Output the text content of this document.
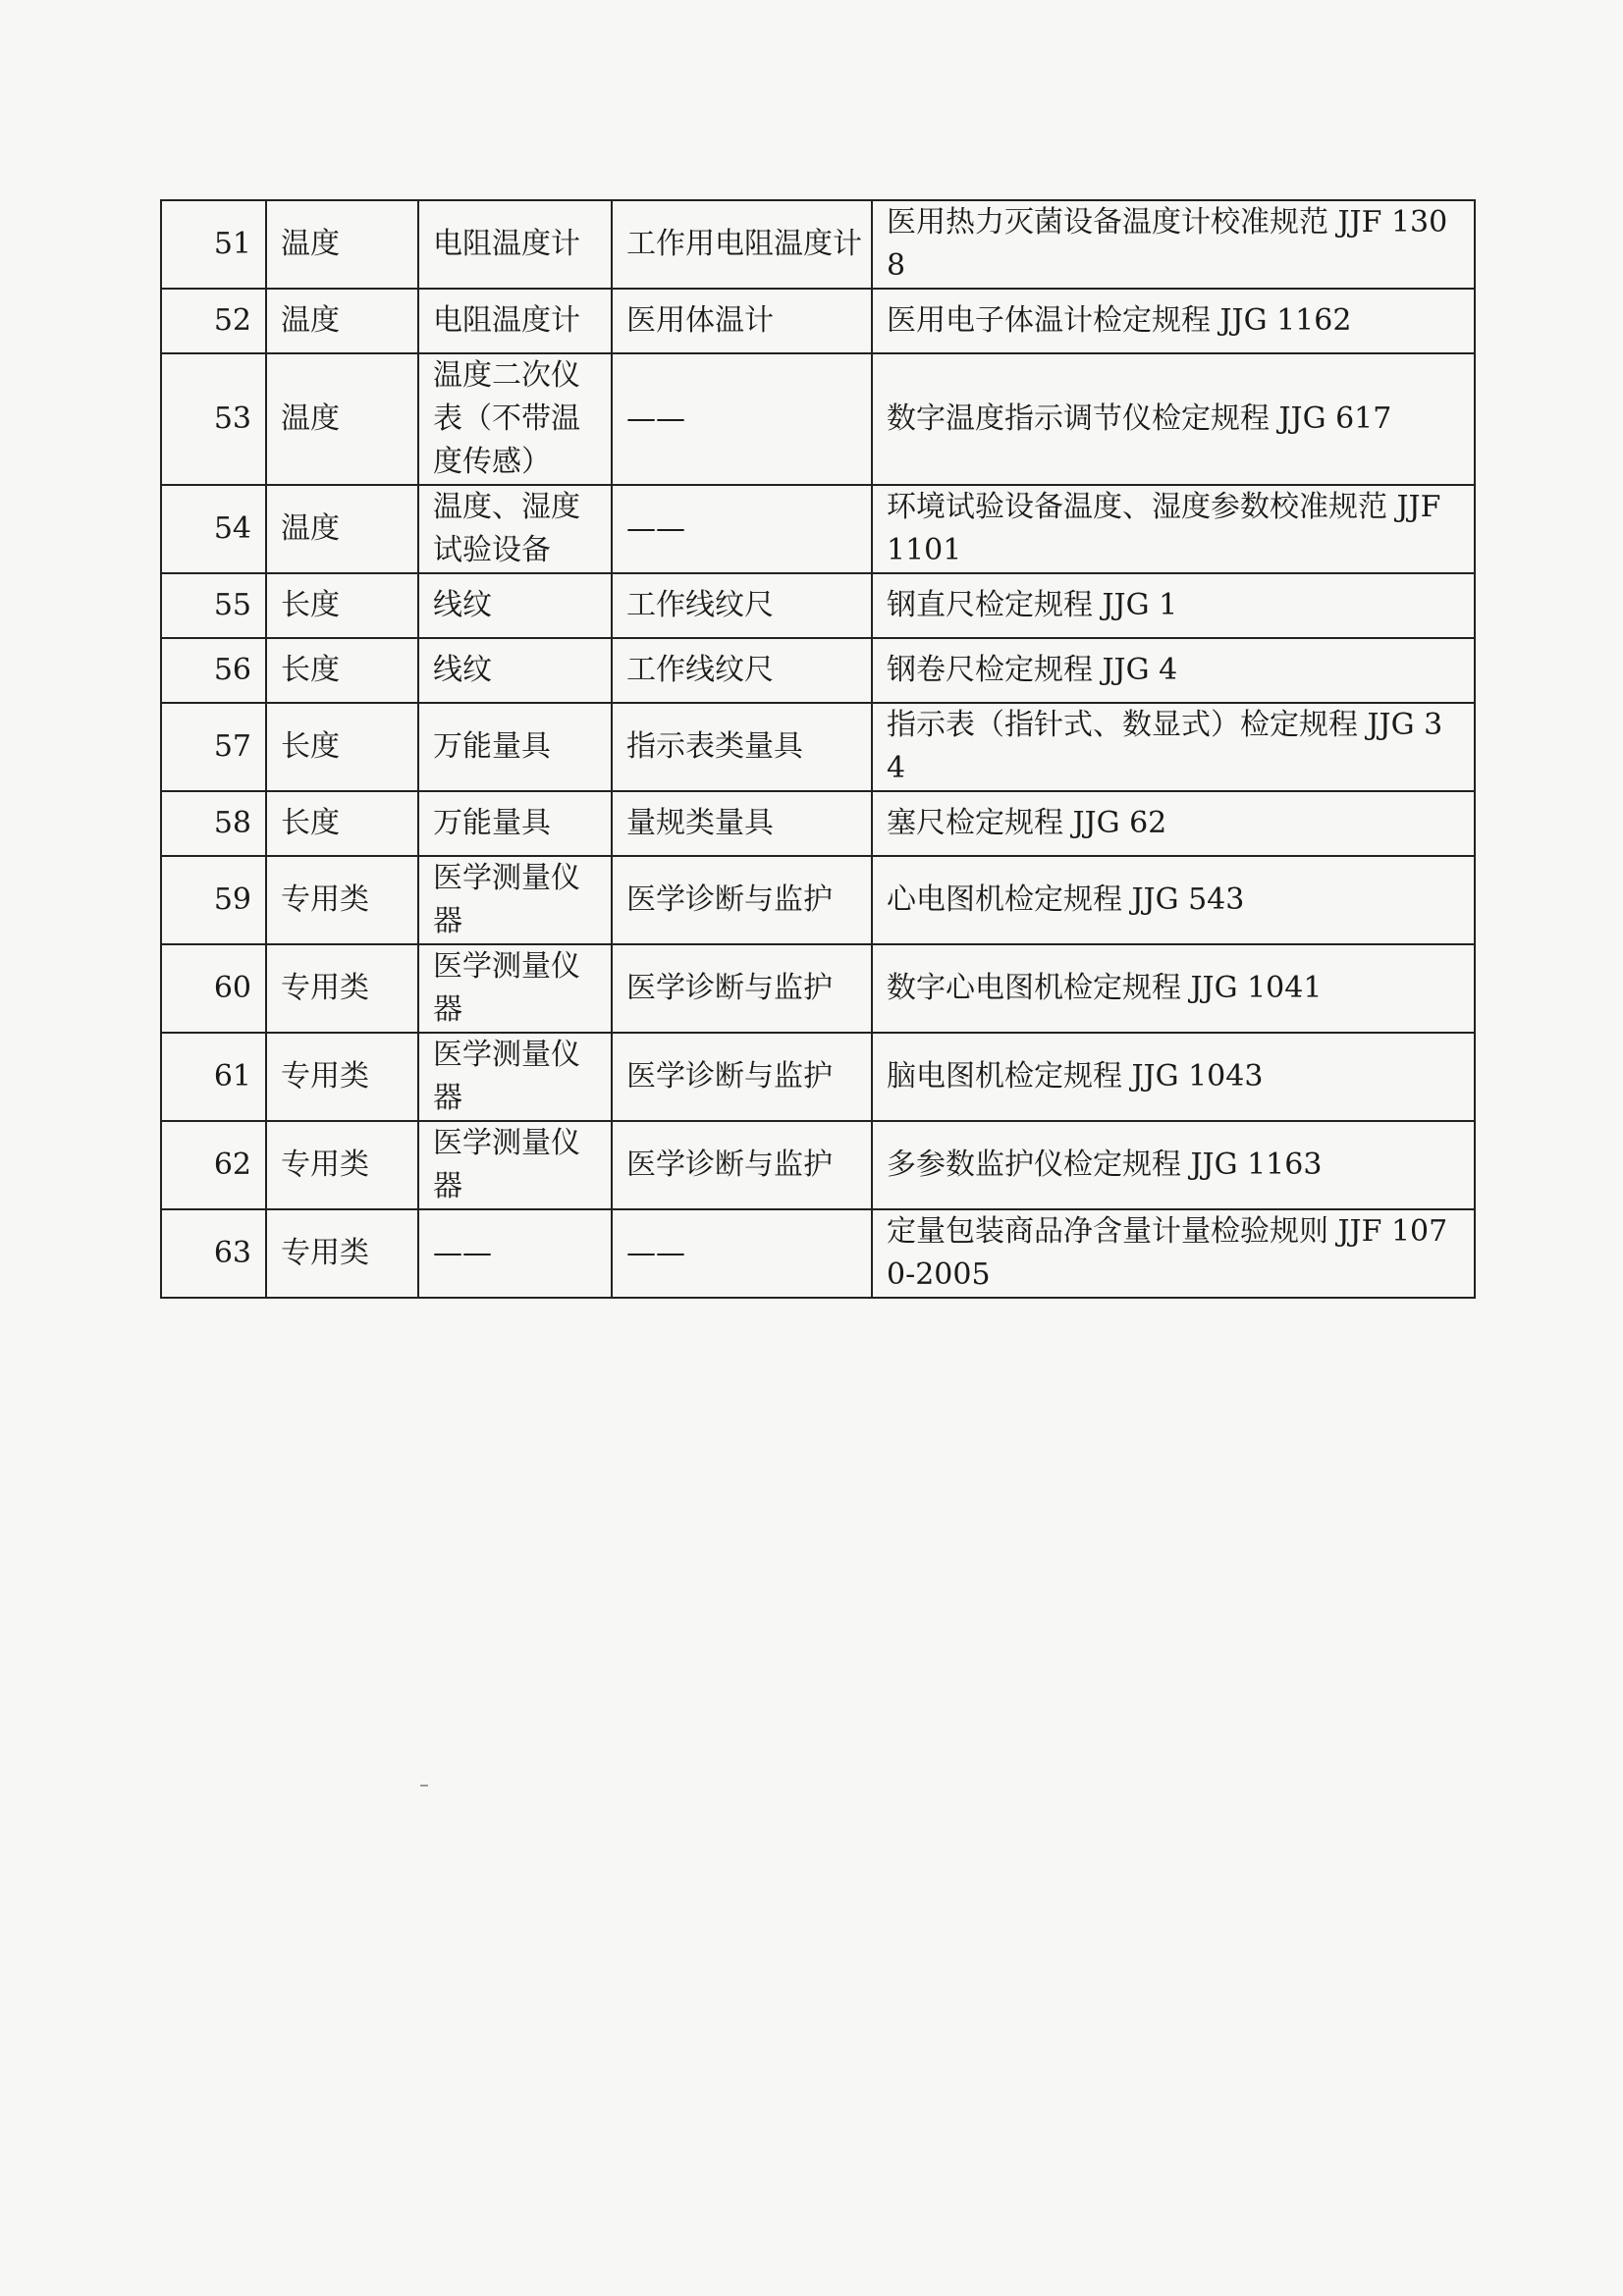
51	温度	电阻温度计	工作用电阻温度计	医用热力灭菌设备温度计校准规范 JJF 1308
52	温度	电阻温度计	医用体温计	医用电子体温计检定规程 JJG 1162
53	温度	温度二次仪表（不带温度传感）	——	数字温度指示调节仪检定规程 JJG 617
54	温度	温度、湿度试验设备	——	环境试验设备温度、湿度参数校准规范 JJF 1101
55	长度	线纹	工作线纹尺	钢直尺检定规程 JJG 1
56	长度	线纹	工作线纹尺	钢卷尺检定规程 JJG 4
57	长度	万能量具	指示表类量具	指示表（指针式、数显式）检定规程 JJG 34
58	长度	万能量具	量规类量具	塞尺检定规程 JJG 62
59	专用类	医学测量仪器	医学诊断与监护	心电图机检定规程 JJG 543
60	专用类	医学测量仪器	医学诊断与监护	数字心电图机检定规程 JJG 1041
61	专用类	医学测量仪器	医学诊断与监护	脑电图机检定规程 JJG 1043
62	专用类	医学测量仪器	医学诊断与监护	多参数监护仪检定规程 JJG 1163
63	专用类	——	——	定量包装商品净含量计量检验规则 JJF 1070-2005
